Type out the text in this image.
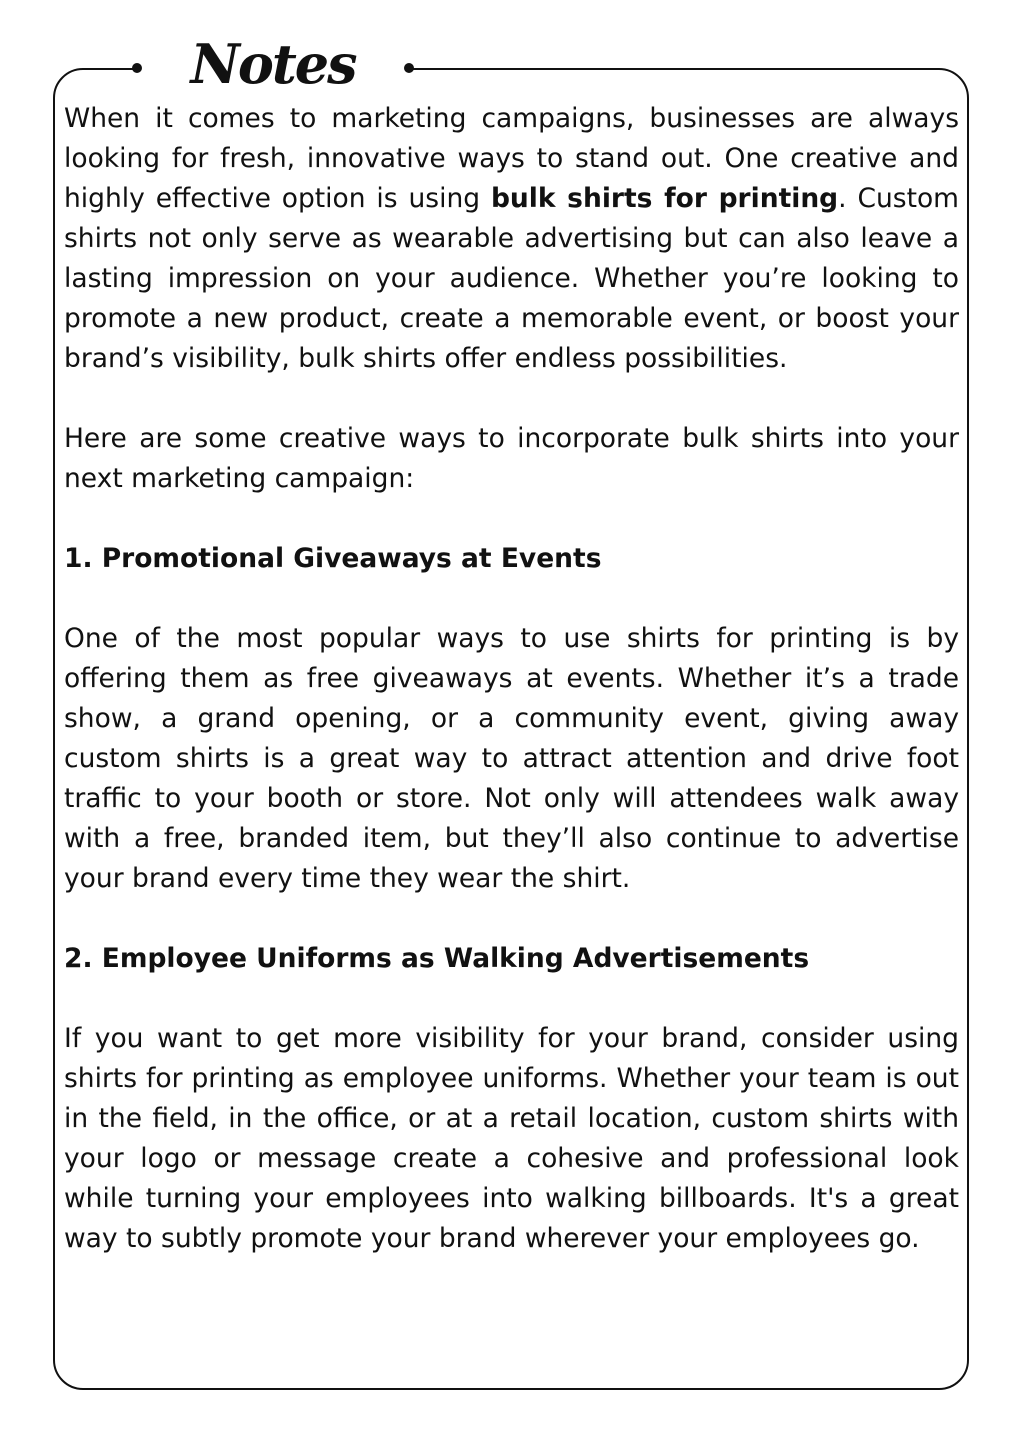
Notes

When it comes to marketing campaigns, businesses are always looking for fresh, innovative ways to stand out. One creative and highly effective option is using bulk shirts for printing. Custom shirts not only serve as wearable advertising but can also leave a lasting impression on your audience. Whether you’re looking to promote a new product, create a memorable event, or boost your brand’s visibility, bulk shirts offer endless possibilities.

Here are some creative ways to incorporate bulk shirts into your next marketing campaign:

1. Promotional Giveaways at Events

One of the most popular ways to use shirts for printing is by offering them as free giveaways at events. Whether it’s a trade show, a grand opening, or a community event, giving away custom shirts is a great way to attract attention and drive foot traffic to your booth or store. Not only will attendees walk away with a free, branded item, but they’ll also continue to advertise your brand every time they wear the shirt.

2. Employee Uniforms as Walking Advertisements

If you want to get more visibility for your brand, consider using shirts for printing as employee uniforms. Whether your team is out in the field, in the office, or at a retail location, custom shirts with your logo or message create a cohesive and professional look while turning your employees into walking billboards. It's a great way to subtly promote your brand wherever your employees go.
